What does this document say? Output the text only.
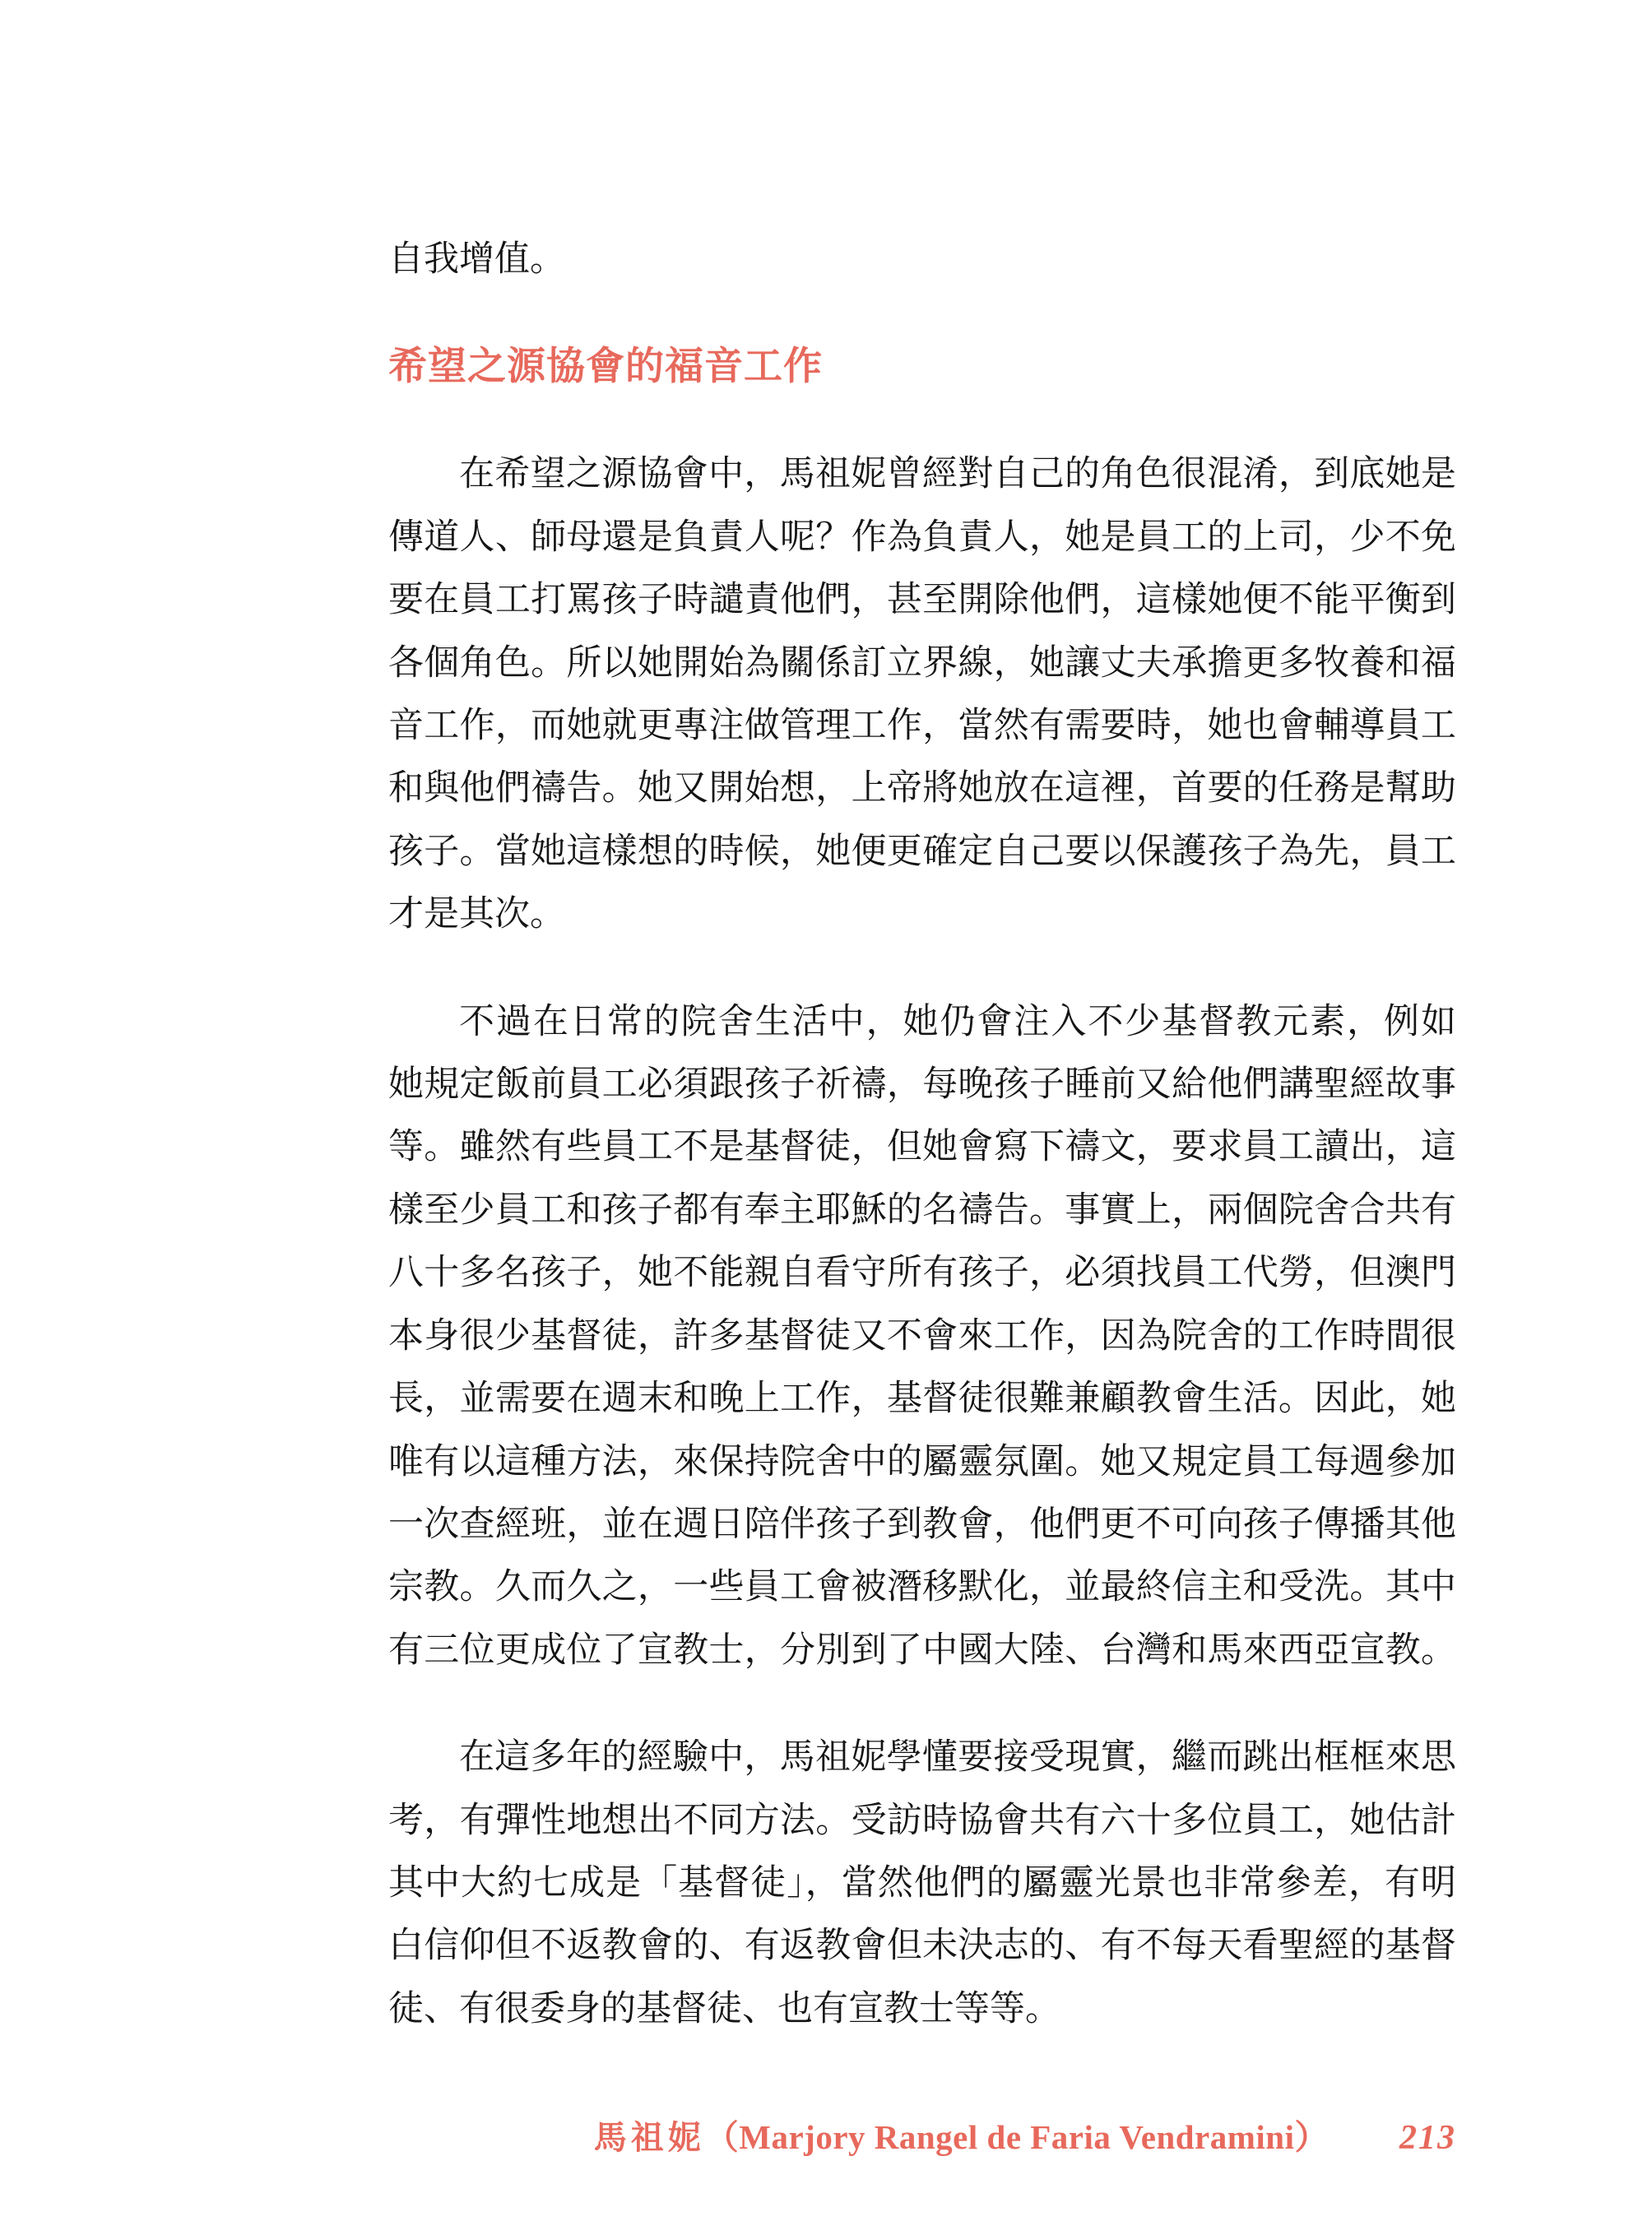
自我增值。
希望之源協會的福音工作
在希望之源協會中，馬祖妮曾經對自己的角色很混淆，到底她是
傳道人、師母還是負責人呢？作為負責人，她是員工的上司，少不免
要在員工打罵孩子時譴責他們，甚至開除他們，這樣她便不能平衡到
各個角色。所以她開始為關係訂立界線，她讓丈夫承擔更多牧養和福
音工作，而她就更專注做管理工作，當然有需要時，她也會輔導員工
和與他們禱告。她又開始想，上帝將她放在這裡，首要的任務是幫助
孩子。當她這樣想的時候，她便更確定自己要以保護孩子為先，員工
才是其次。
不過在日常的院舍生活中，她仍會注入不少基督教元素，例如
她規定飯前員工必須跟孩子祈禱，每晚孩子睡前又給他們講聖經故事
等。雖然有些員工不是基督徒，但她會寫下禱文，要求員工讀出，這
樣至少員工和孩子都有奉主耶穌的名禱告。事實上，兩個院舍合共有
八十多名孩子，她不能親自看守所有孩子，必須找員工代勞，但澳門
本身很少基督徒，許多基督徒又不會來工作，因為院舍的工作時間很
長，並需要在週末和晚上工作，基督徒很難兼顧教會生活。因此，她
唯有以這種方法，來保持院舍中的屬靈氛圍。她又規定員工每週參加
一次查經班，並在週日陪伴孩子到教會，他們更不可向孩子傳播其他
宗教。久而久之，一些員工會被潛移默化，並最終信主和受洗。其中
有三位更成位了宣教士，分別到了中國大陸、台灣和馬來西亞宣教。
在這多年的經驗中，馬祖妮學懂要接受現實，繼而跳出框框來思
考，有彈性地想出不同方法。受訪時協會共有六十多位員工，她估計
其中大約七成是「基督徒」，當然他們的屬靈光景也非常參差，有明
白信仰但不返教會的、有返教會但未決志的、有不每天看聖經的基督
徒、有很委身的基督徒、也有宣教士等等。
馬祖妮 （Marjory Rangel de Faria Vendramini） 213
